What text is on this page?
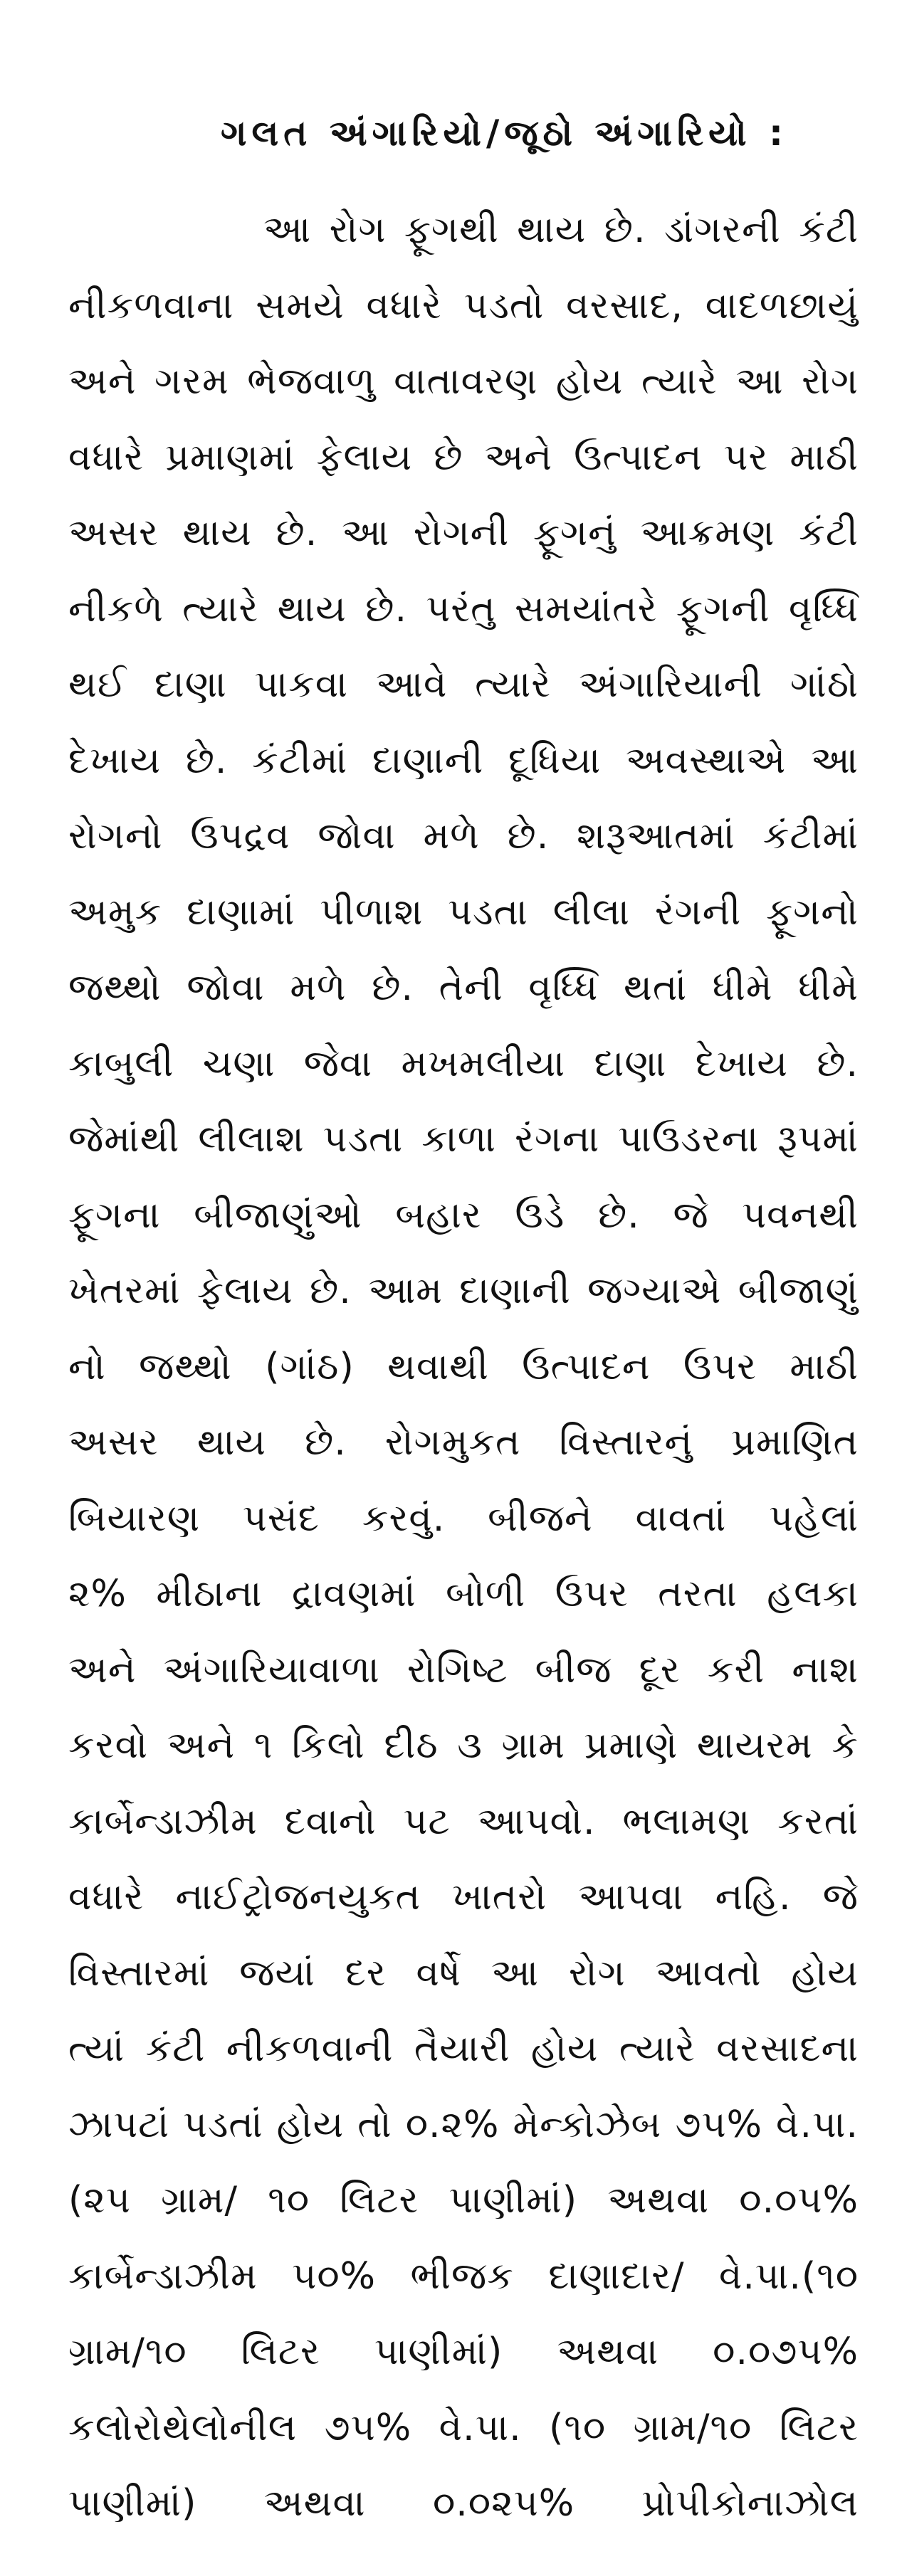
ગલત અંગારિયો/જૂઠો અંગારિયો :
આ રોગ ફૂગથી થાય છે. ડાંગરની કંટી
નીકળવાના સમયે વધારે પડતો વરસાદ, વાદળછાયું
અને ગરમ ભેજવાળુ વાતાવરણ હોય ત્યારે આ રોગ
વધારે પ્રમાણમાં ફેલાય છે અને ઉત્પાદન પર માઠી
અસર થાય છે. આ રોગની ફૂગનું આક્રમણ કંટી
નીકળે ત્યારે થાય છે. પરંતુ સમયાંતરે ફૂગની વૃધ્ધિ
થઈ દાણા પાકવા આવે ત્યારે અંગારિયાની ગાંઠો
દેખાય છે. કંટીમાં દાણાની દૂધિયા અવસ્થાએ આ
રોગનો ઉપદ્રવ જોવા મળે છે. શરૂઆતમાં કંટીમાં
અમુક દાણામાં પીળાશ પડતા લીલા રંગની ફૂગનો
જથ્થો જોવા મળે છે. તેની વૃધ્ધિ થતાં ધીમે ધીમે
કાબુલી ચણા જેવા મખમલીયા દાણા દેખાય છે.
જેમાંથી લીલાશ પડતા કાળા રંગના પાઉડરના રૂપમાં
ફૂગના બીજાણુંઓ બહાર ઉડે છે. જે પવનથી
ખેતરમાં ફેલાય છે. આમ દાણાની જગ્યાએ બીજાણું
નો જથ્થો (ગાંઠ) થવાથી ઉત્પાદન ઉપર માઠી
અસર થાય છે. રોગમુકત વિસ્તારનું પ્રમાણિત
બિયારણ પસંદ કરવું. બીજને વાવતાં પહેલાં
૨% મીઠાના દ્રાવણમાં બોળી ઉપર તરતા હલકા
અને અંગારિયાવાળા રોગિષ્ટ બીજ દૂર કરી નાશ
કરવો અને ૧ કિલો દીઠ ૩ ગ્રામ પ્રમાણે થાયરમ કે
કાર્બેન્ડાઝીમ દવાનો પટ આપવો. ભલામણ કરતાં
વધારે નાઈટ્રોજનયુકત ખાતરો આપવા નહિ. જે
વિસ્તારમાં જયાં દર વર્ષે આ રોગ આવતો હોય
ત્યાં કંટી નીકળવાની તૈયારી હોય ત્યારે વરસાદના
ઝાપટાં પડતાં હોય તો ૦.૨% મેન્કોઝેબ ૭૫% વે.પા.
(૨૫ ગ્રામ/ ૧૦ લિટર પાણીમાં) અથવા ૦.૦૫%
કાર્બેન્ડાઝીમ ૫૦% ભીજક દાણાદાર/ વે.પા.(૧૦
ગ્રામ/૧૦ લિટર પાણીમાં) અથવા ૦.૦૭૫%
કલોરોથેલોનીલ ૭૫% વે.પા. (૧૦ ગ્રામ/૧૦ લિટર
પાણીમાં) અથવા ૦.૦૨૫% પ્રોપીકોનાઝોલ
